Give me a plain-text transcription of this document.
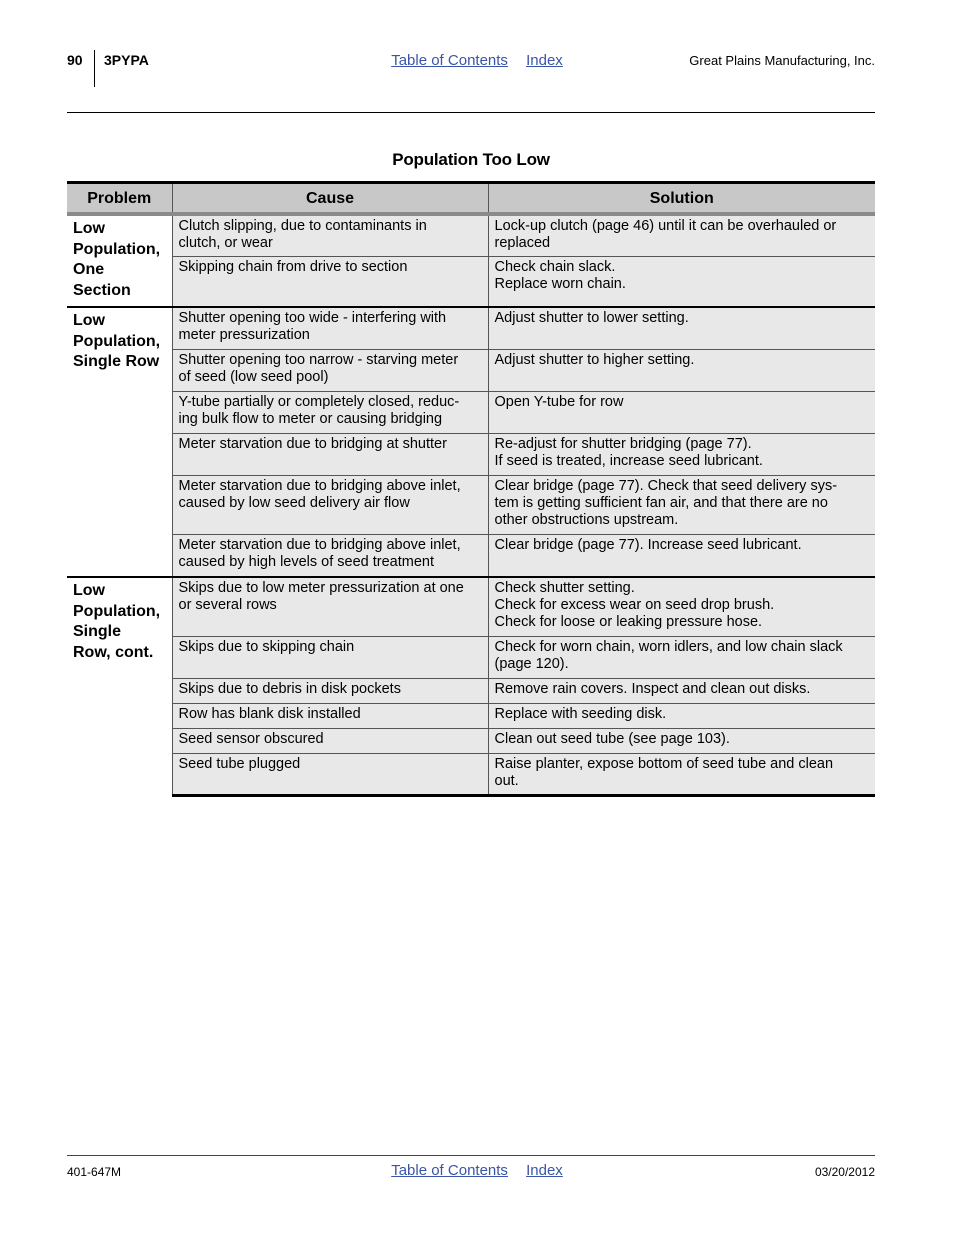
90	3PYPA	Table of Contents Index	Great Plains Manufacturing, Inc.
Population Too Low
Problem	Cause	Solution

Low
Population,
One
Section	Clutch slipping, due to contaminants in
clutch, or wear	Lock-up clutch (page 46) until it can be overhauled or
replaced

	Skipping chain from drive to section	Check chain slack.
Replace worn chain.

Low
Population,
Single Row	Shutter opening too wide - interfering with
meter pressurization	Adjust shutter to lower setting.

	Shutter opening too narrow - starving meter
of seed (low seed pool)	Adjust shutter to higher setting.

	Y-tube partially or completely closed, reduc-
ing bulk flow to meter or causing bridging	Open Y-tube for row

	Meter starvation due to bridging at shutter	Re-adjust for shutter bridging (page 77).
If seed is treated, increase seed lubricant.

	Meter starvation due to bridging above inlet,
caused by low seed delivery air flow	Clear bridge (page 77). Check that seed delivery sys-
tem is getting sufficient fan air, and that there are no
other obstructions upstream.

	Meter starvation due to bridging above inlet,
caused by high levels of seed treatment	Clear bridge (page 77). Increase seed lubricant.

Low
Population,
Single
Row, cont.	Skips due to low meter pressurization at one
or several rows	Check shutter setting.
Check for excess wear on seed drop brush.
Check for loose or leaking pressure hose.

	Skips due to skipping chain	Check for worn chain, worn idlers, and low chain slack
(page 120).

	Skips due to debris in disk pockets	Remove rain covers. Inspect and clean out disks.

	Row has blank disk installed	Replace with seeding disk.

	Seed sensor obscured	Clean out seed tube (see page 103).

	Seed tube plugged	Raise planter, expose bottom of seed tube and clean
out.
401-647M	Table of Contents Index	03/20/2012
